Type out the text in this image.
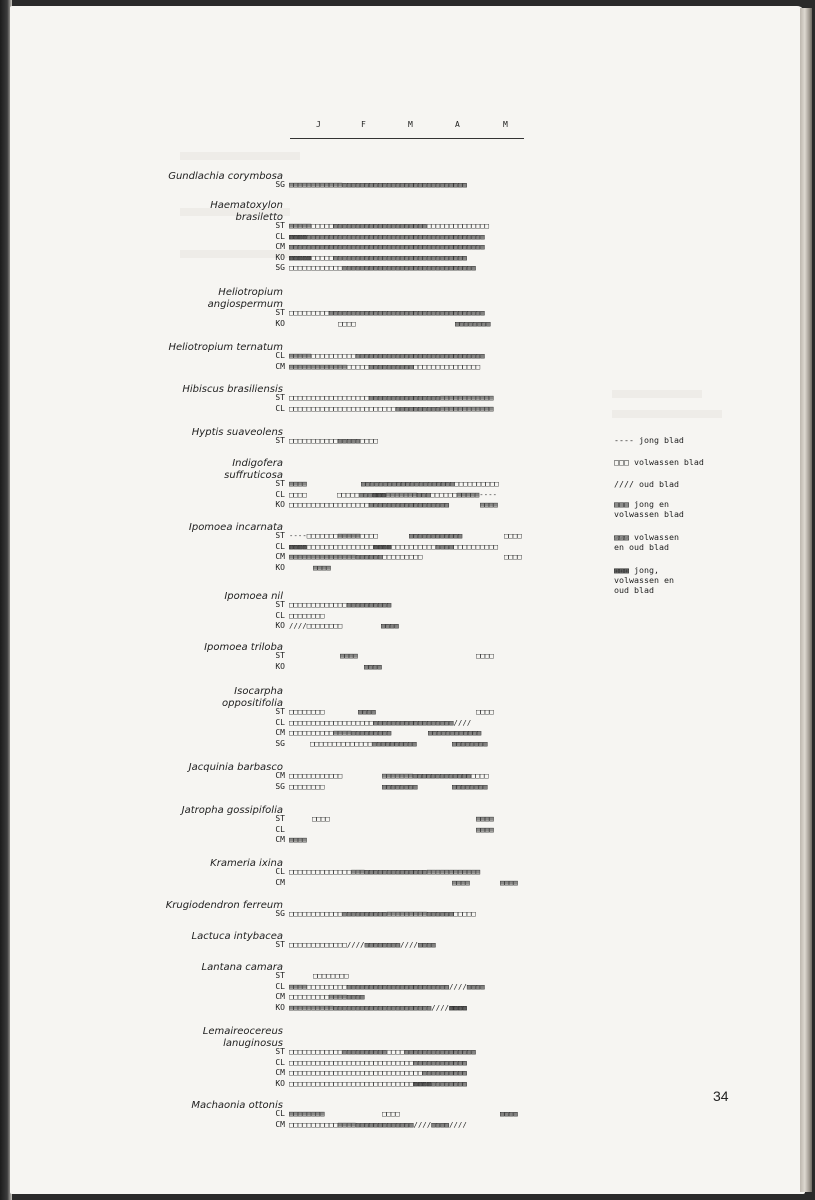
J	F	M	A	M
Gundlachia corymbosa
SG ▤▤▤▤▤▤▤▤▤▤▤▤▨▨▨▨▨▨▨▨▨▨▨▨▨▨▨▨▨▨▨▨▨▨▨▨▨▨▨▨
Haematoxylon
brasiletto
ST ▤▤▤▤▤□□□□□▨▨▨▨▨▨▨▨▨▨▨▨▨▨▨▨▨▨▨▨▨□□□□□□□□□□□□□□
CL ▩▩▩▩▨▨▨▨▨▨▨▨▨▨▨▨▨▨▨▨▨▨▨▨▨▨▨▨▨▨▨▨▨▨▨▨▨▨▨▨▨▨▨▨
CM ▨▨▨▨▨▨▨▨▨▨▨▨▨▨▨▨▨▨▨▨▨▨▨▨▨▨▨▨▨▨▨▨▨▨▨▨▨▨▨▨▨▨▨▨
KO ▩▩▩▩▩□□□□□▨▨▨▨▨▨▨▨▨▨▨▨▨▨▨▨▨▨▨▨▨▨▨▨▨▨▨▨▨▨
SG □□□□□□□□□□□□▨▨▨▨▨▨▨▨▨▨▨▨▨▨▨▨▨▨▨▨▨▨▨▨▨▨▨▨▨▨
Heliotropium
angiospermum
ST □□□□□□□□□▨▨▨▨▨▨▨▨▨▨▨▨▨▨▨▨▨▨▨▨▨▨▨▨▨▨▨▨▨▨▨▨▨▨▨
KO	□□□□	▨▨▨▨▨▨▨▨
Heliotropium ternatum
CL ▤▤▤▤▤□□□□□□□□□□▨▨▨▨▨▨▨▨▨▨▨▨▨▨▨▨▨▨▨▨▨▨▨▨▨▨▨▨▨
CM ▤▤▤▤▤▤▤▤▤▤▤▤▤□□□□□▨▨▨▨▨▨▨▨▨▨□□□□□□□□□□□□□□□
Hibiscus brasiliensis
ST □□□□□□□□□□□□□□□□□□▨▨▨▨▨▨▨▨▨▨▨▨▨▨▨▨▤▤▤▤▤▤▤▤▤▤▤▤
CL □□□□□□□□□□□□□□□□□□□□□□□□▨▨▨▨▨▨▨▨▨▨▤▤▤▤▤▤▤▤▤▤▤▤
Hyptis suaveolens
ST □□□□□□□□□□□▨▨▨▨▨□□□□
Indigofera
suffruticosa
ST ▤▤▤▤	▨▨▨▨▨▨▨▨▨▨▨▨▨▨▨▨▨▨▨▨▨□□□□□□□□□□
CL □□□□	□□□□□▨▨▨▩▩▩▤▤▤▤▤▤▤▨▨▨□□□□□□▤▤▤▤▤----
KO □□□□□□□□□□□□□□□□□□▨▨▨▨▨▨▨▨▨▨▨▨▨▨▨▨▨▨	▤▤▤▤
Ipomoea incarnata
ST ----□□□□□□□▤▤▤▤▤□□□□	▨▨▨▨▨▨▨▨▨▨▨▨	□□□□
CL ▩▩▩▩□□□□□□□□□□□□□□□▩▩▩▩□□□□□□□□□□▨▨▨▨□□□□□□□□□□
CM ▤▤▤▤▤▤▤▤▤▤▤▤▤▤▤▨▨▨▨▨▨□□□□□□□□□	□□□□
KO	▤▤▤▤
Ipomoea nil
ST □□□□□□□□□□□□□▨▨▨▨▨▨▨▨▨▨
CL □□□□□□□□
KO ////□□□□□□□□	▨▨▨▨
Ipomoea triloba
ST	▤▤▤▤	□□□□
KO	▨▨▨▨
Isocarpha
oppositifolia
ST □□□□□□□□	▨▨▨▨	□□□□
CL □□□□□□□□□□□□□□□□□□□▨▨▨▨▨▨▨▨▨▨▨▨▨▨▨▨▨▨////
CM □□□□□□□□□□▤▤▤▤▨▨▨▨▨▨▨▨▨	▨▨▨▨▨▨▨▨▨▨▨▨
SG	□□□□□□□□□□□□□□▨▨▨▨▨▨▨▨▨▨	▨▨▨▨▨▨▨▨
Jacquinia barbasco
CM □□□□□□□□□□□□	▤▤▤▤▤▤▤▨▨▨▨▨▨▨▨▨▨▨▨▨□□□□
SG □□□□□□□□	▨▨▨▨▨▨▨▨	▨▨▨▨▨▨▨▨
Jatropha gossipifolia
ST	□□□□	▤▤▤▤
CL	▤▤▤▤
CM ▤▤▤▤
Krameria ixina
CL □□□□□□□□□□□□□□▤▤▤▨▨▨▨▨▨▨▨▨▨▨▨▨▨▤▤▤▤▤▤▤▤▤▤▤▤
CM	▤▤▤▤	▤▤▤▤
Krugiodendron ferreum
SG □□□□□□□□□□□□▨▨▨▨▨▨▨▨▨▨▤▤▤▤▤▤▤▤▤▨▨▨▨▨▨□□□□□
Lactuca intybacea
ST □□□□□□□□□□□□□////▨▨▨▨▨▨▨▨////▨▨▨▨
Lantana camara
ST	□□□□□□□□
CL ▤▤▤▤□□□□□□□□□▨▨▨▨▨▨▨▨▨▨▨▨▨▨▨▨▨▨▨▨▨▨▨////▨▨▨▨
CM □□□□□□□□□▤▤▤▤▨▨▨▨
KO ▤▤▤▤▤▤▤▤▤▤▨▨▨▨▨▨▨▨▨▨▨▨▨▨▨▨▨▨▨▨▨▨////▩▩▩▩
Lemaireocereus
lanuginosus
ST □□□□□□□□□□□□▨▨▨▨▨▨▨▨▨▨□□□□▨▨▨▨▨▨▨▨▨▨▨▨▨▨▨▨
CL □□□□□□□□□□□□□□□□□□□□□□□□□□□□▨▨▨▨▨▨▨▨▨▨▨▨
CM □□□□□□□□□□□□□□□□□□□□□□□□□□□□□□▨▨▨▨▨▨▨▨▨▨
KO □□□□□□□□□□□□□□□□□□□□□□□□□□□□▩▩▩▩▨▨▨▨▨▨▨▨
Machaonia ottonis
CL ▤▤▤▤▤▤▤▤	□□□□	▨▨▨▨
CM □□□□□□□□□□□▤▤▤▤▨▨▨▨▨▨▨▨▨▨▨▨▨////▨▨▨▨////
---- jong blad
□□□ volwassen blad
//// oud blad
▤▤▤ jong en
volwassen blad
▨▨▨ volwassen
en oud blad
▩▩▩ jong,
volwassen en
oud blad
34
